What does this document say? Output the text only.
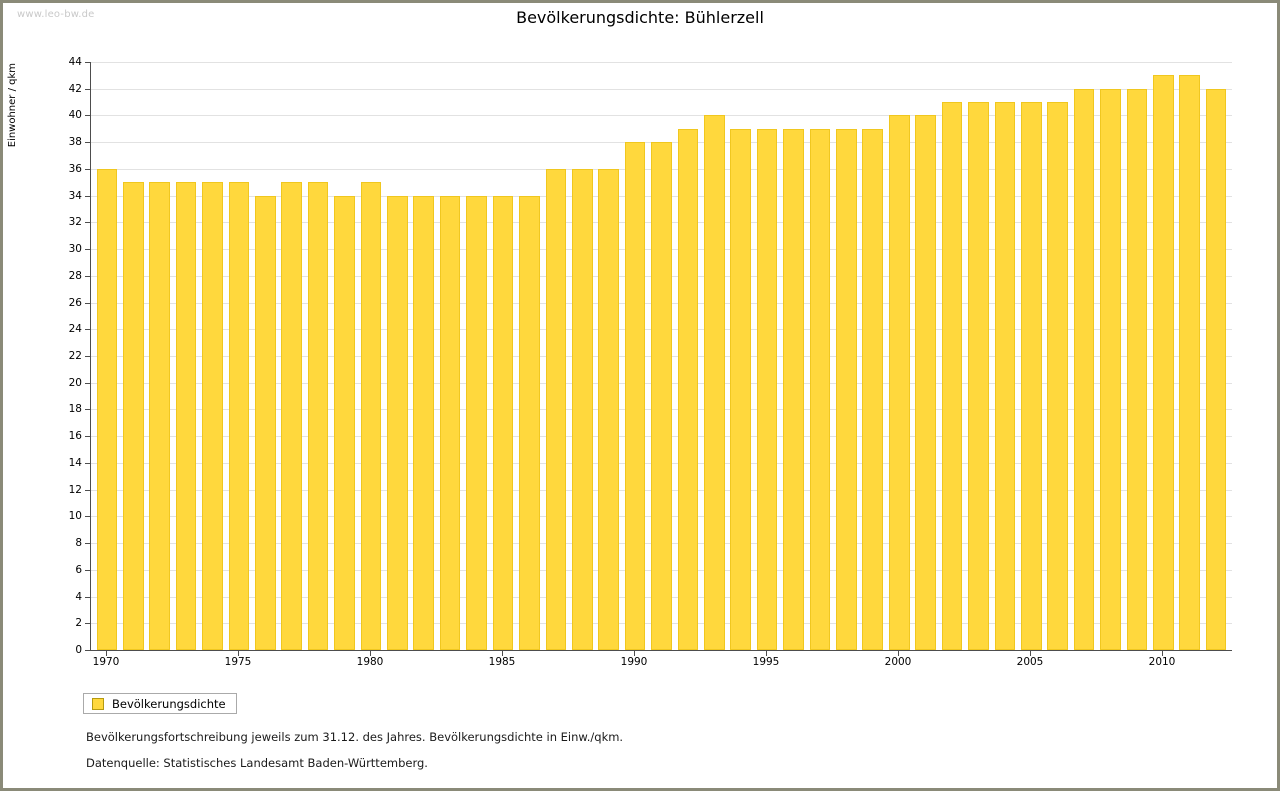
www.leo-bw.de	Bevölkerungsdichte: Bühlerzell
Einwohner / qkm
0
2
4
6
8
10
12
14
16
18
20
22
24
26
28
30
32
34
36
38
40
42
44
1970	1975	1980	1985	1990	1995	2000	2005	2010
Bevölkerungsdichte
Bevölkerungsfortschreibung jeweils zum 31.12. des Jahres. Bevölkerungsdichte in Einw./qkm.
Datenquelle: Statistisches Landesamt Baden-Württemberg.
